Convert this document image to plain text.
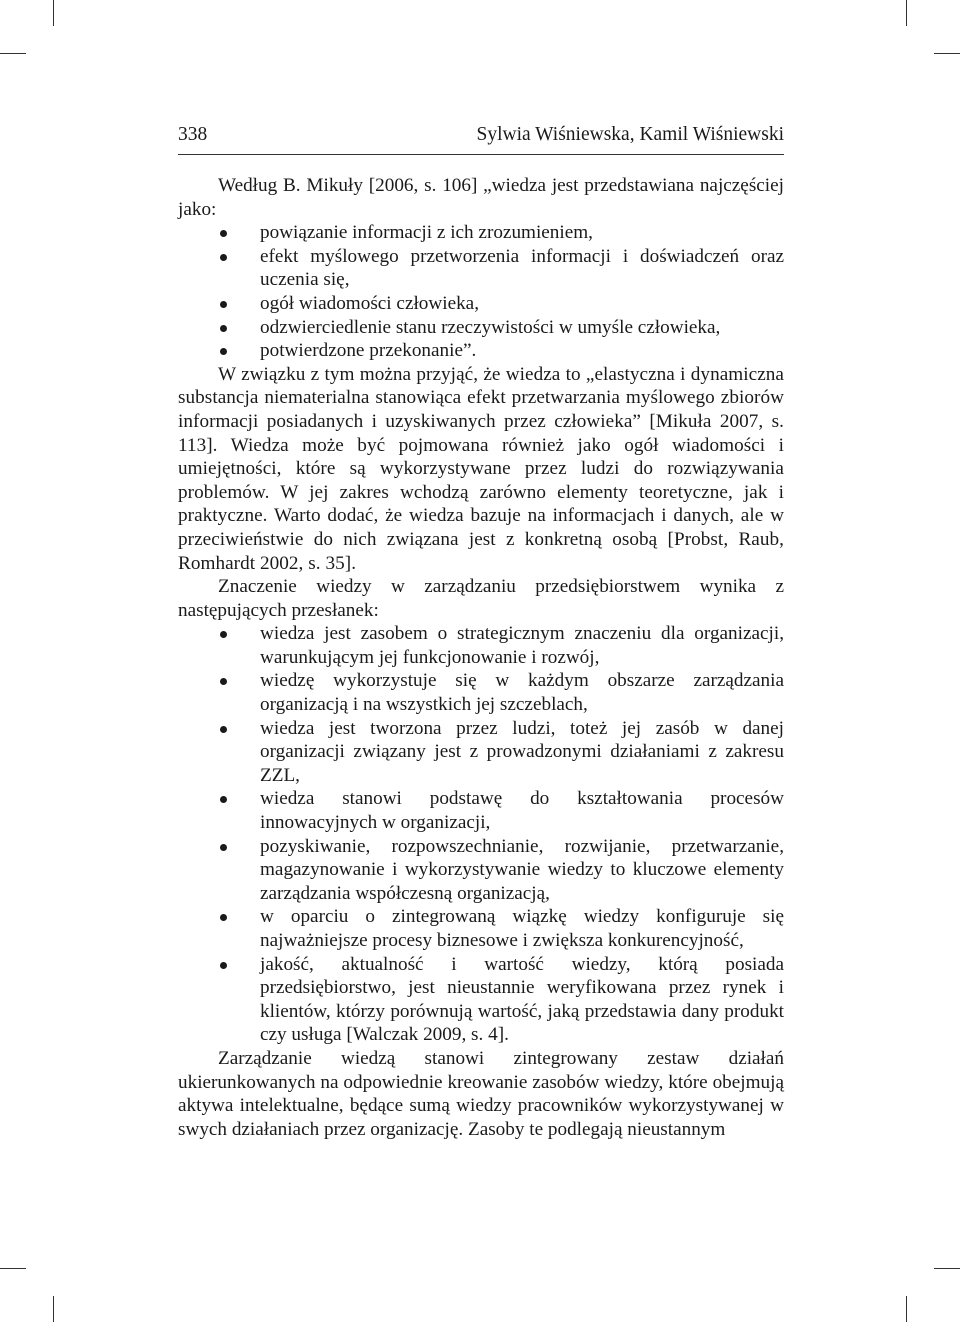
338	Sylwia Wiśniewska, Kamil Wiśniewski

Według B. Mikuły [2006, s. 106] „wiedza jest przedstawiana najczęściej jako:

powiązanie informacji z ich zrozumieniem,
efekt myślowego przetworzenia informacji i doświadczeń oraz uczenia się,
ogół wiadomości człowieka,
odzwierciedlenie stanu rzeczywistości w umyśle człowieka,
potwierdzone przekonanie”.

W związku z tym można przyjąć, że wiedza to „elastyczna i dynamiczna substancja niematerialna stanowiąca efekt przetwarzania myślowego zbiorów informacji posiadanych i uzyskiwanych przez człowieka” [Mikuła 2007, s. 113]. Wiedza może być pojmowana również jako ogół wiadomości i umiejętności, które są wykorzystywane przez ludzi do rozwiązywania problemów. W jej zakres wchodzą zarówno elementy teoretyczne, jak i praktyczne. Warto dodać, że wiedza bazuje na informacjach i danych, ale w przeciwieństwie do nich związana jest z konkretną osobą [Probst, Raub, Romhardt 2002, s. 35].

Znaczenie wiedzy w zarządzaniu przedsiębiorstwem wynika z następujących przesłanek:

wiedza jest zasobem o strategicznym znaczeniu dla organizacji, warunkującym jej funkcjonowanie i rozwój,
wiedzę wykorzystuje się w każdym obszarze zarządzania organizacją i na wszystkich jej szczeblach,
wiedza jest tworzona przez ludzi, toteż jej zasób w danej organizacji związany jest z prowadzonymi działaniami z zakresu ZZL,
wiedza stanowi podstawę do kształtowania procesów innowacyjnych w organizacji,
pozyskiwanie, rozpowszechnianie, rozwijanie, przetwarzanie, magazynowanie i wykorzystywanie wiedzy to kluczowe elementy zarządzania współczesną organizacją,
w oparciu o zintegrowaną wiązkę wiedzy konfiguruje się najważniejsze procesy biznesowe i zwiększa konkurencyjność,
jakość, aktualność i wartość wiedzy, którą posiada przedsiębiorstwo, jest nieustannie weryfikowana przez rynek i klientów, którzy porównują wartość, jaką przedstawia dany produkt czy usługa [Walczak 2009, s. 4].

Zarządzanie wiedzą stanowi zintegrowany zestaw działań ukierunkowanych na odpowiednie kreowanie zasobów wiedzy, które obejmują aktywa intelektualne, będące sumą wiedzy pracowników wykorzystywanej w swych działaniach przez organizację. Zasoby te podlegają nieustannym
